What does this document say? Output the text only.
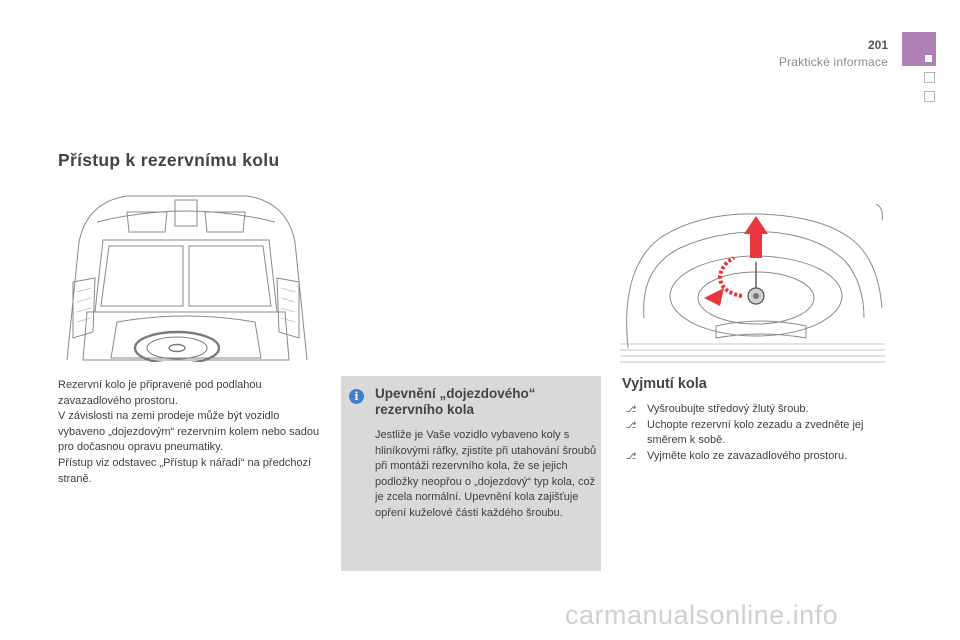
201
Praktické informace
Přístup k rezervnímu kolu

Rezervní kolo je připravené pod podlahou zavazadlového prostoru.

V závislosti na zemi prodeje může být vozidlo vybaveno „dojezdovým“ rezervním kolem nebo sadou pro dočasnou opravu pneumatiky.

Přístup viz odstavec „Přístup k nářadí“ na předchozí straně.

i	Upevnění „dojezdového“ rezervního kola
Jestliže je Vaše vozidlo vybaveno koly s hliníkovými ráfky, zjistíte při utahování šroubů při montáži rezervního kola, že se jejich podložky neopřou o „dojezdový“ typ kola, což je zcela normální. Upevnění kola zajišťuje opření kuželové části každého šroubu.
Vyjmutí kola
⎇ Vyšroubujte středový žlutý šroub.
⎇ Uchopte rezervní kolo zezadu a zvedněte jej směrem k sobě.
⎇ Vyjměte kolo ze zavazadlového prostoru.
carmanualsonline.info
